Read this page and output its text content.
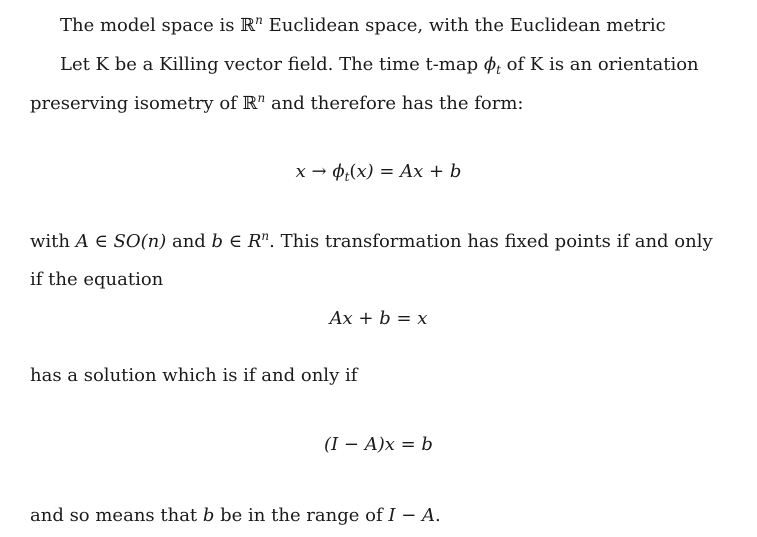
The model space is ℝ$^n$ Euclidean space, with the Euclidean metric
Let K be a Killing vector field. The time t-map $\phi_t$ of K is an orientation
preserving isometry of ℝ$^n$ and therefore has the form:
$x \to \phi_t(x) = Ax + b$
with A ∈ SO(n) and b ∈ $R^n$. This transformation has fixed points if and only
if the equation
Ax + b = x
has a solution which is if and only if
(I − A)x = b
and so means that b be in the range of I − A.
